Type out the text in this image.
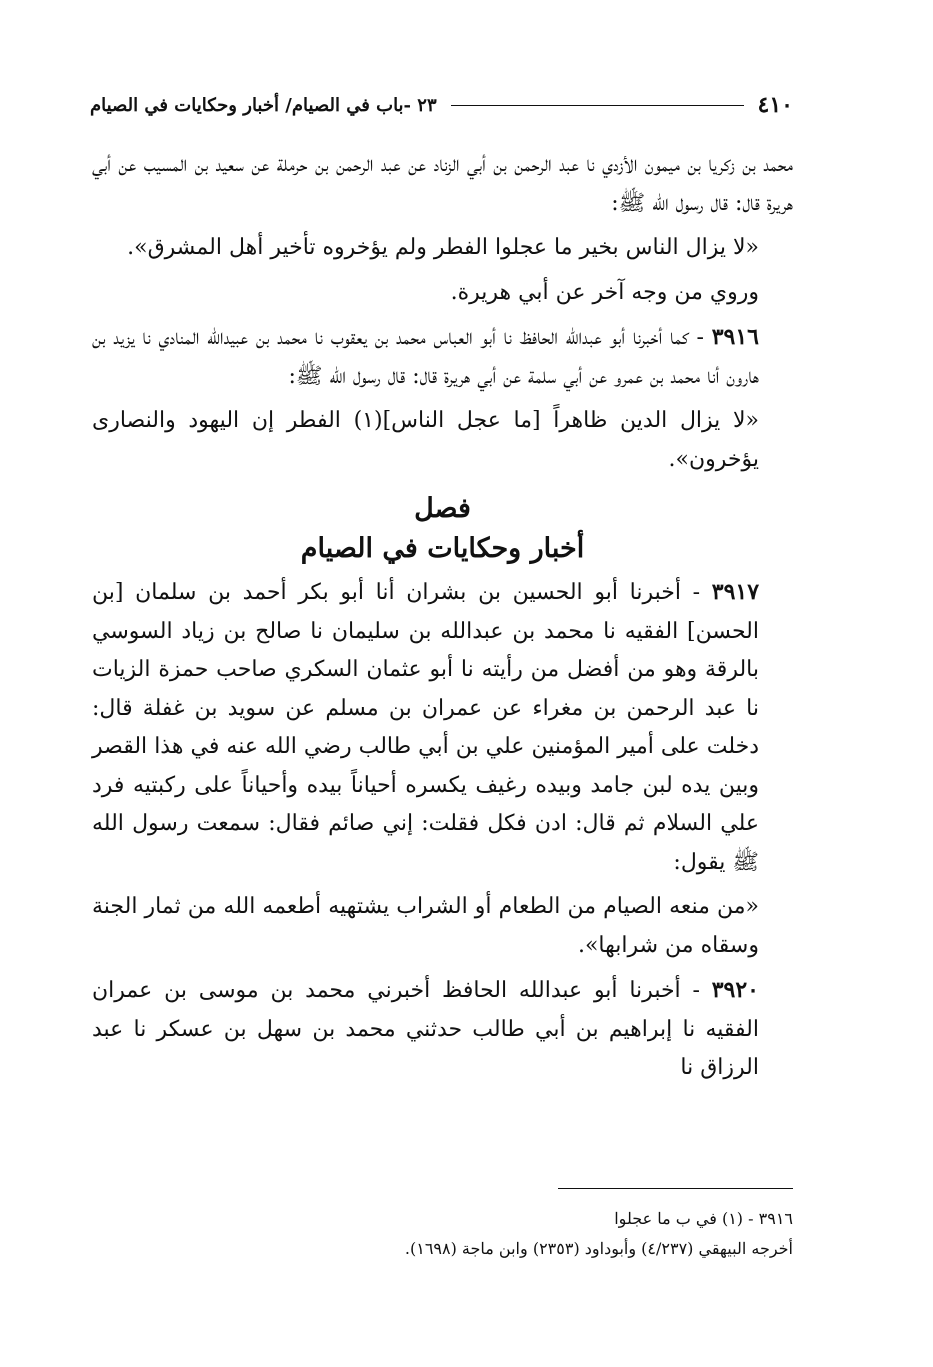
٤١٠
٢٣ -باب في الصيام/ أخبار وحكايات في الصيام

محمد بن زكريا بن ميمون الأزدي نا عبد الرحمن بن أبي الزناد عن عبد الرحمن بن حرملة عن سعيد بن المسيب عن أبي هريرة قال: قال رسول الله ﷺ:

«لا يزال الناس بخير ما عجلوا الفطر ولم يؤخروه تأخير أهل المشرق».

وروي من وجه آخر عن أبي هريرة.

٣٩١٦ - كما أخبرنا أبو عبدالله الحافظ نا أبو العباس محمد بن يعقوب نا محمد بن عبيدالله المنادي نا يزيد بن هارون أنا محمد بن عمرو عن أبي سلمة عن أبي هريرة قال: قال رسول الله ﷺ:

«لا يزال الدين ظاهراً [ما عجل الناس](١) الفطر إن اليهود والنصارى يؤخرون».

فصل
أخبار وحكايات في الصيام

٣٩١٧ - أخبرنا أبو الحسين بن بشران أنا أبو بكر أحمد بن سلمان [بن الحسن] الفقيه نا محمد بن عبدالله بن سليمان نا صالح بن زياد السوسي بالرقة وهو من أفضل من رأيته نا أبو عثمان السكري صاحب حمزة الزيات نا عبد الرحمن بن مغراء عن عمران بن مسلم عن سويد بن غفلة قال: دخلت على أمير المؤمنين علي بن أبي طالب رضي الله عنه في هذا القصر وبين يده لبن جامد وبيده رغيف يكسره أحياناً بيده وأحياناً على ركبتيه فرد علي السلام ثم قال: ادن فكل فقلت: إني صائم فقال: سمعت رسول الله ﷺ يقول:

«من منعه الصيام من الطعام أو الشراب يشتهيه أطعمه الله من ثمار الجنة وسقاه من شرابها».

٣٩٢٠ - أخبرنا أبو عبدالله الحافظ أخبرني محمد بن موسى بن عمران الفقيه نا إبراهيم بن أبي طالب حدثني محمد بن سهل بن عسكر نا عبد الرزاق نا

٣٩١٦ - (١) في ب ما عجلوا

أخرجه البيهقي (٤/٢٣٧) وأبوداود (٢٣٥٣) وابن ماجة (١٦٩٨).
